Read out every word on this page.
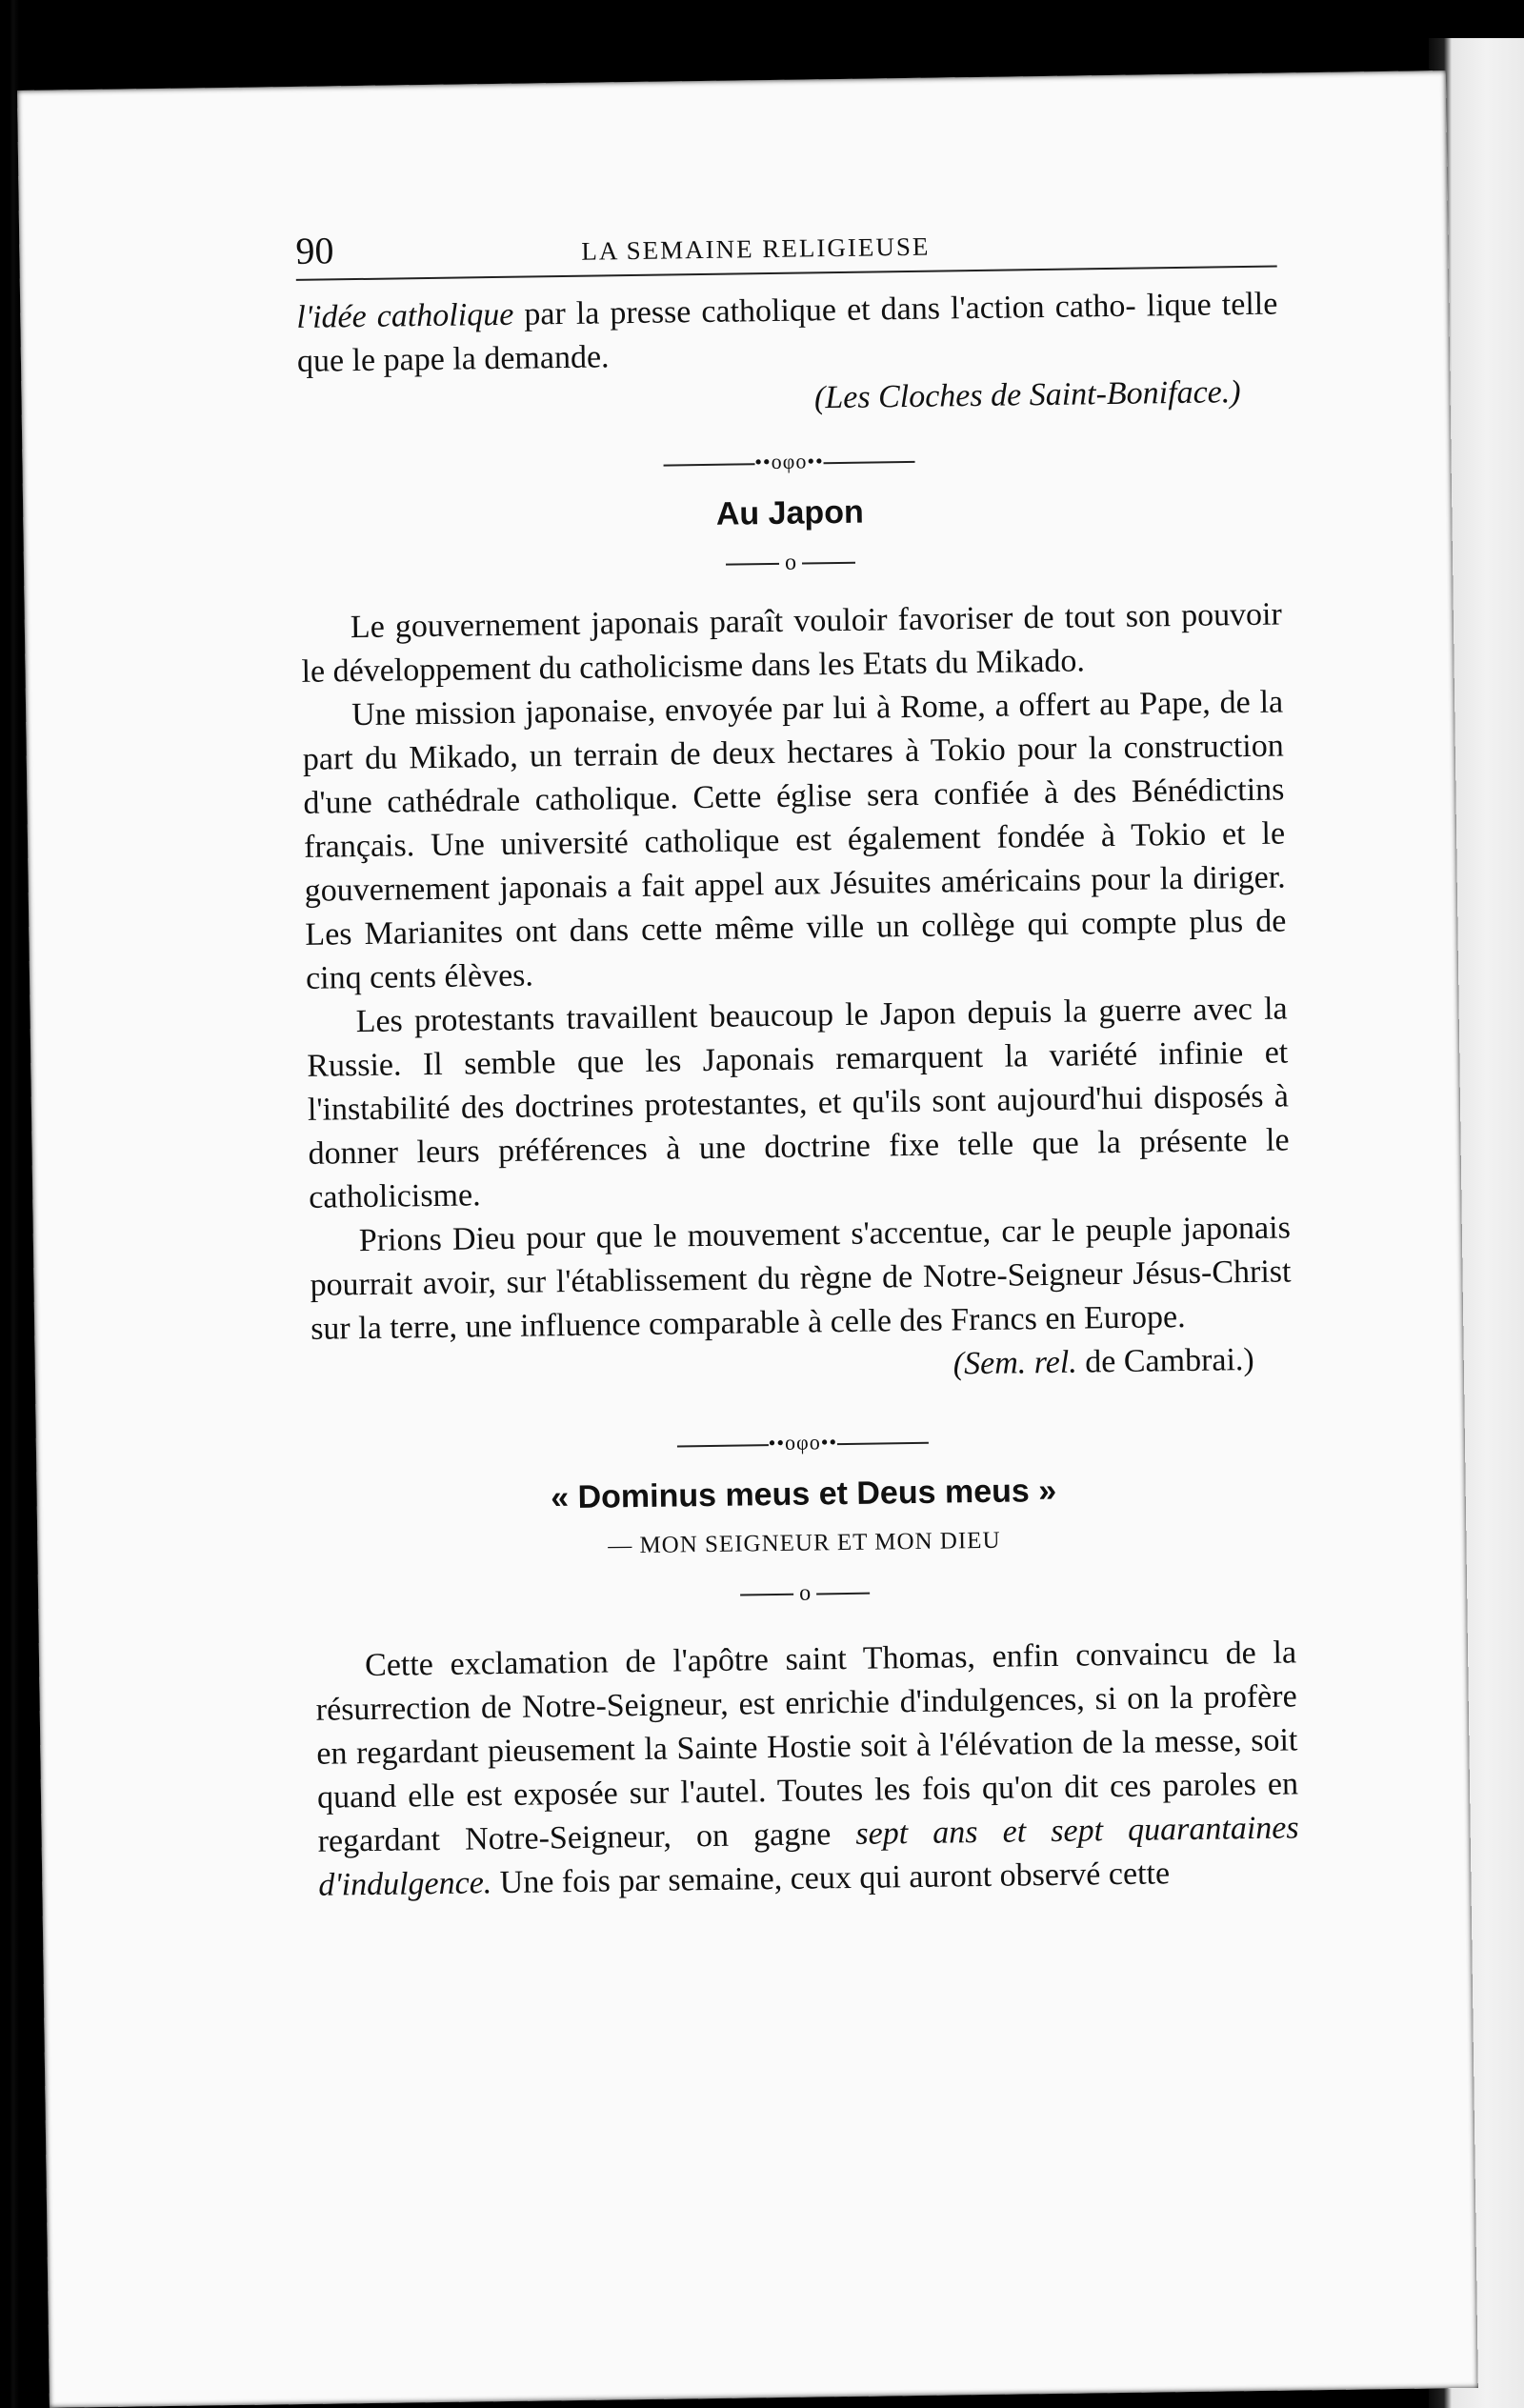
90	LA SEMAINE RELIGIEUSE

l'idée catholique par la presse catholique et dans l'action catho- lique telle que le pape la demande.

(Les Cloches de Saint-Boniface.)

••oφo••

Au Japon

o

Le gouvernement japonais paraît vouloir favoriser de tout son pouvoir le développement du catholicisme dans les Etats du Mikado.

Une mission japonaise, envoyée par lui à Rome, a offert au Pape, de la part du Mikado, un terrain de deux hectares à Tokio pour la construction d'une cathédrale catholique. Cette église sera confiée à des Bénédictins français. Une université catholique est également fondée à Tokio et le gouvernement japonais a fait appel aux Jésuites américains pour la diriger. Les Marianites ont dans cette même ville un collège qui compte plus de cinq cents élèves.

Les protestants travaillent beaucoup le Japon depuis la guerre avec la Russie. Il semble que les Japonais remarquent la variété infinie et l'instabilité des doctrines protestantes, et qu'ils sont aujourd'hui disposés à donner leurs préférences à une doctrine fixe telle que la présente le catholicisme.

Prions Dieu pour que le mouvement s'accentue, car le peuple japonais pourrait avoir, sur l'établissement du règne de Notre-Seigneur Jésus-Christ sur la terre, une influence comparable à celle des Francs en Europe.

(Sem. rel. de Cambrai.)

••oφo••

« Dominus meus et Deus meus »

— MON SEIGNEUR ET MON DIEU

o

Cette exclamation de l'apôtre saint Thomas, enfin convaincu de la résurrection de Notre-Seigneur, est enrichie d'indulgences, si on la profère en regardant pieusement la Sainte Hostie soit à l'élévation de la messe, soit quand elle est exposée sur l'autel. Toutes les fois qu'on dit ces paroles en regardant Notre-Seigneur, on gagne sept ans et sept quarantaines d'indulgence. Une fois par semaine, ceux qui auront observé cette
